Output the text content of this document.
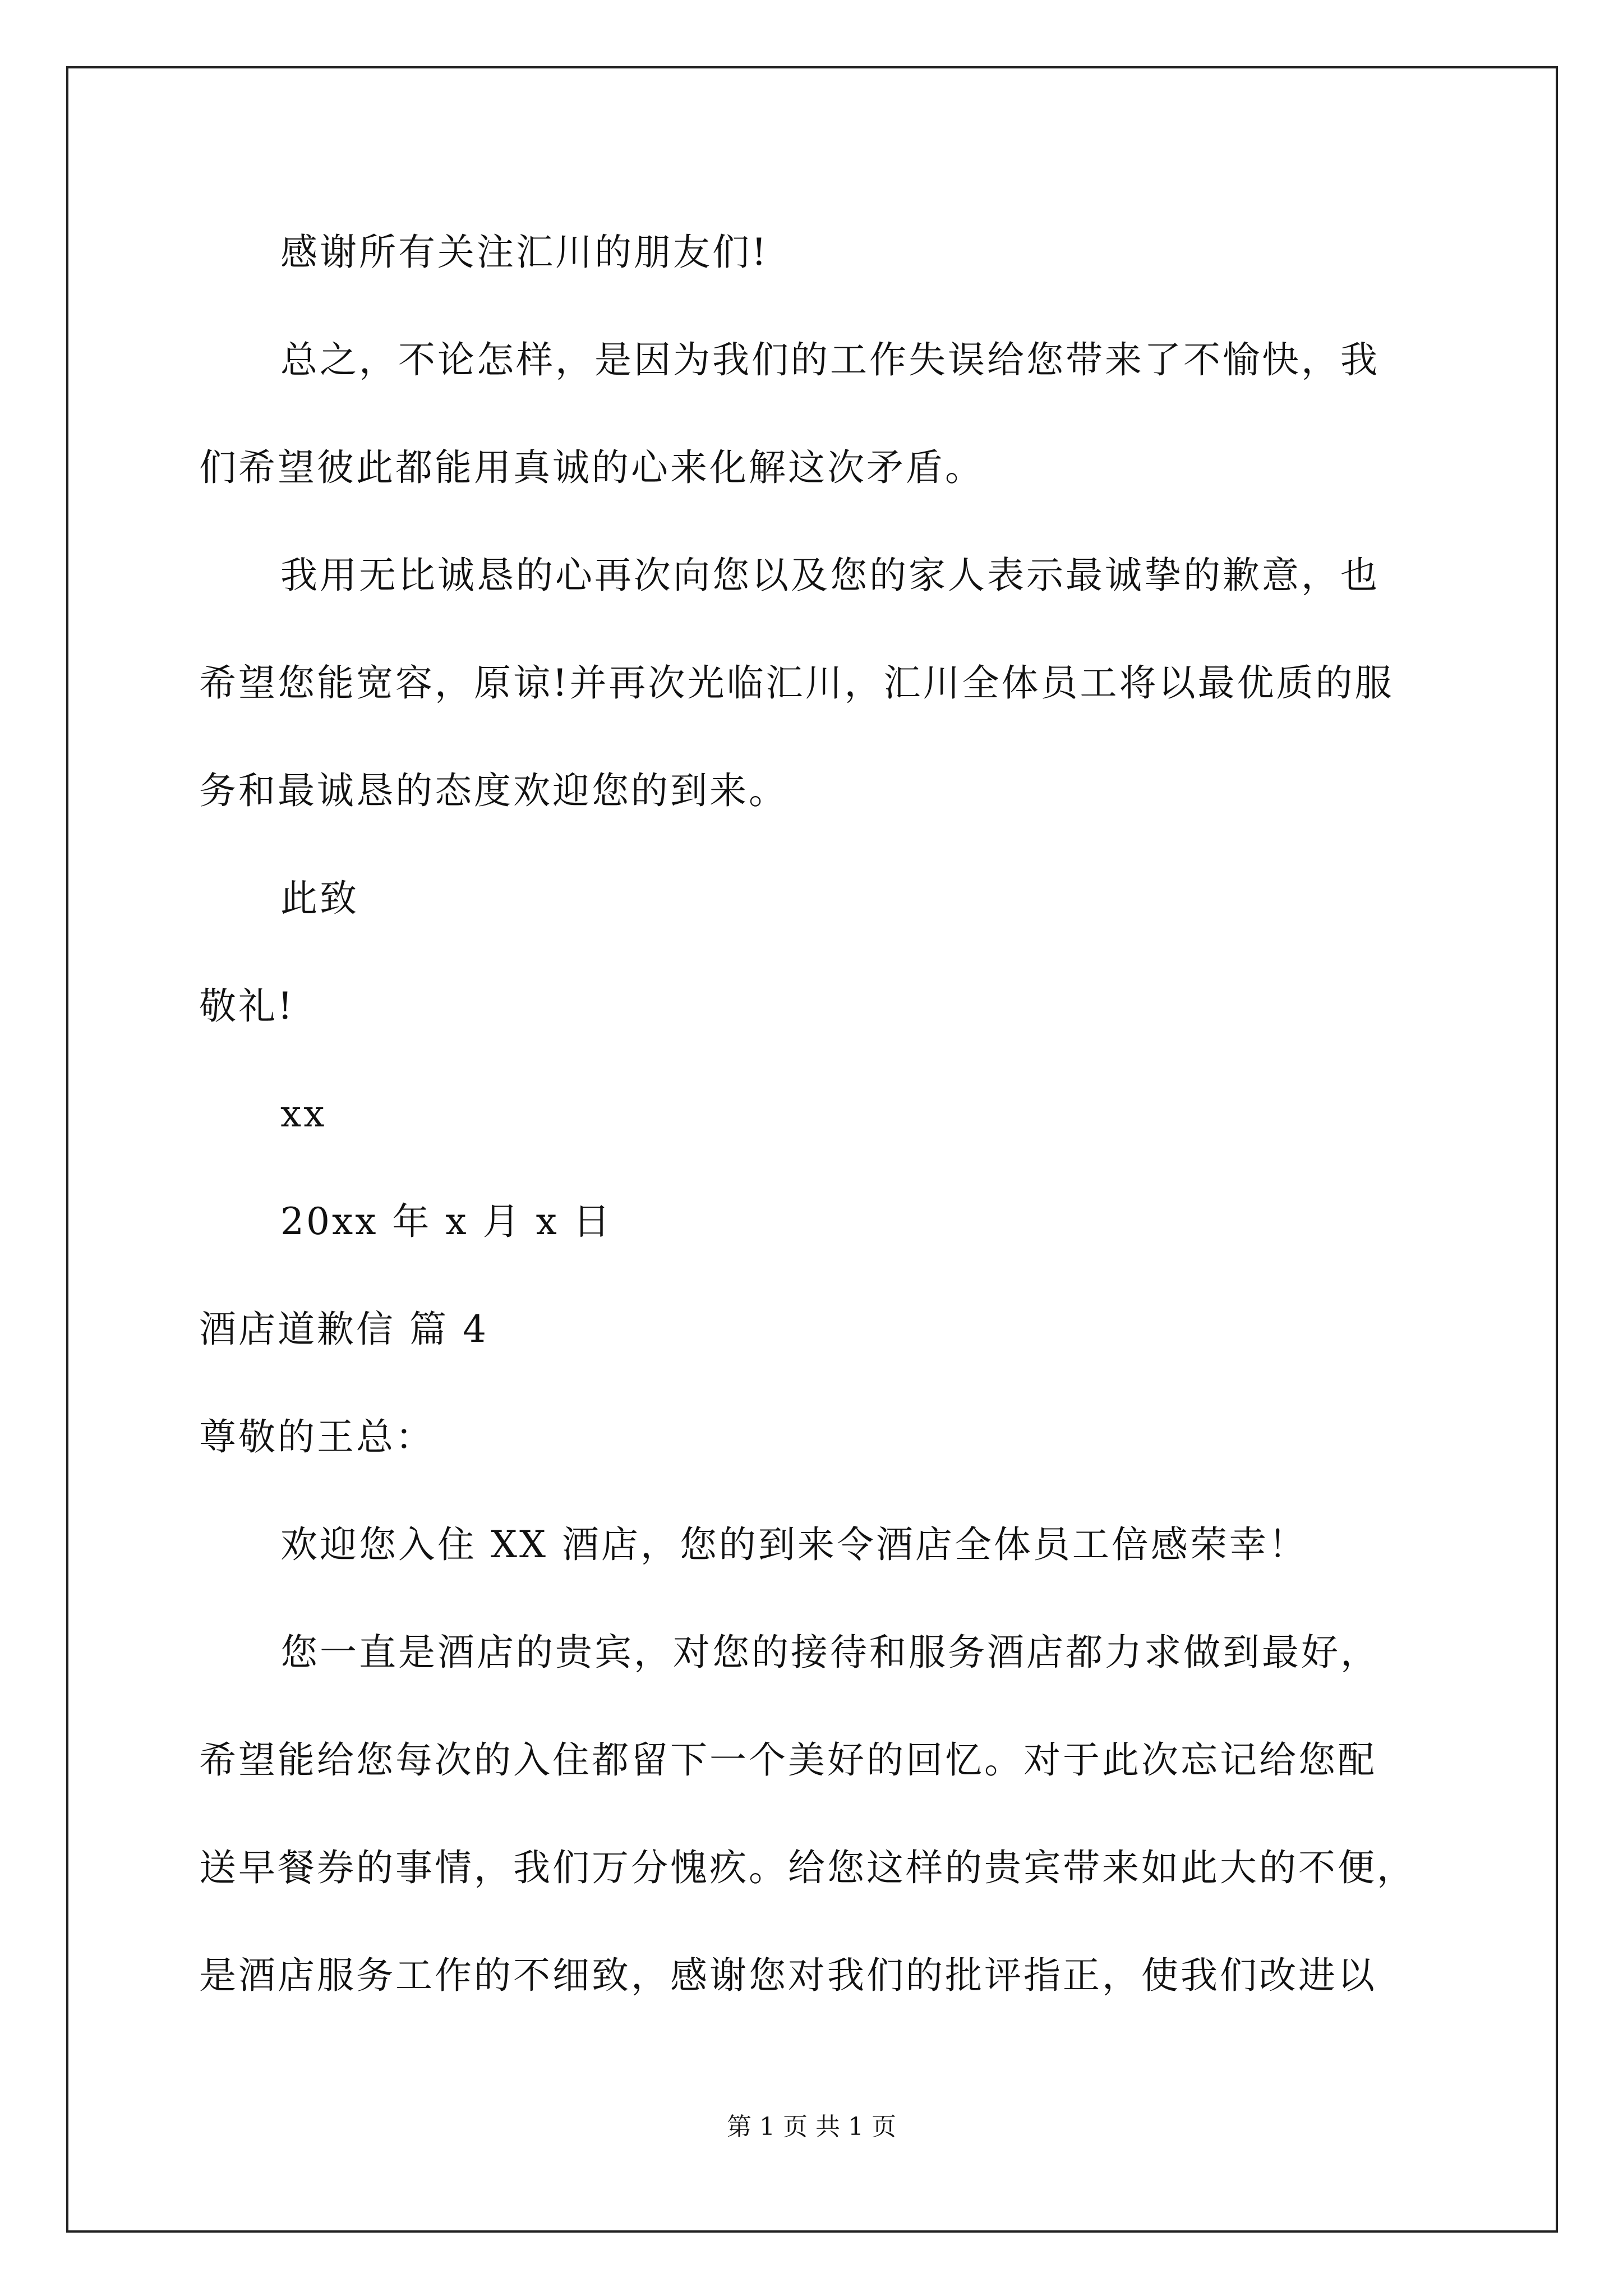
感谢所有关注汇川的朋友们!
总之，不论怎样，是因为我们的工作失误给您带来了不愉快，我
们希望彼此都能用真诚的心来化解这次矛盾。
我用无比诚恳的心再次向您以及您的家人表示最诚挚的歉意，也
希望您能宽容，原谅!并再次光临汇川，汇川全体员工将以最优质的服
务和最诚恳的态度欢迎您的到来。
此致
敬礼!
xx
20xx 年 x 月 x 日
酒店道歉信 篇 4
尊敬的王总：
欢迎您入住 XX 酒店，您的到来令酒店全体员工倍感荣幸！
您一直是酒店的贵宾，对您的接待和服务酒店都力求做到最好，
希望能给您每次的入住都留下一个美好的回忆。对于此次忘记给您配
送早餐券的事情，我们万分愧疚。给您这样的贵宾带来如此大的不便，
是酒店服务工作的不细致，感谢您对我们的批评指正，使我们改进以
第 1 页 共 1 页
